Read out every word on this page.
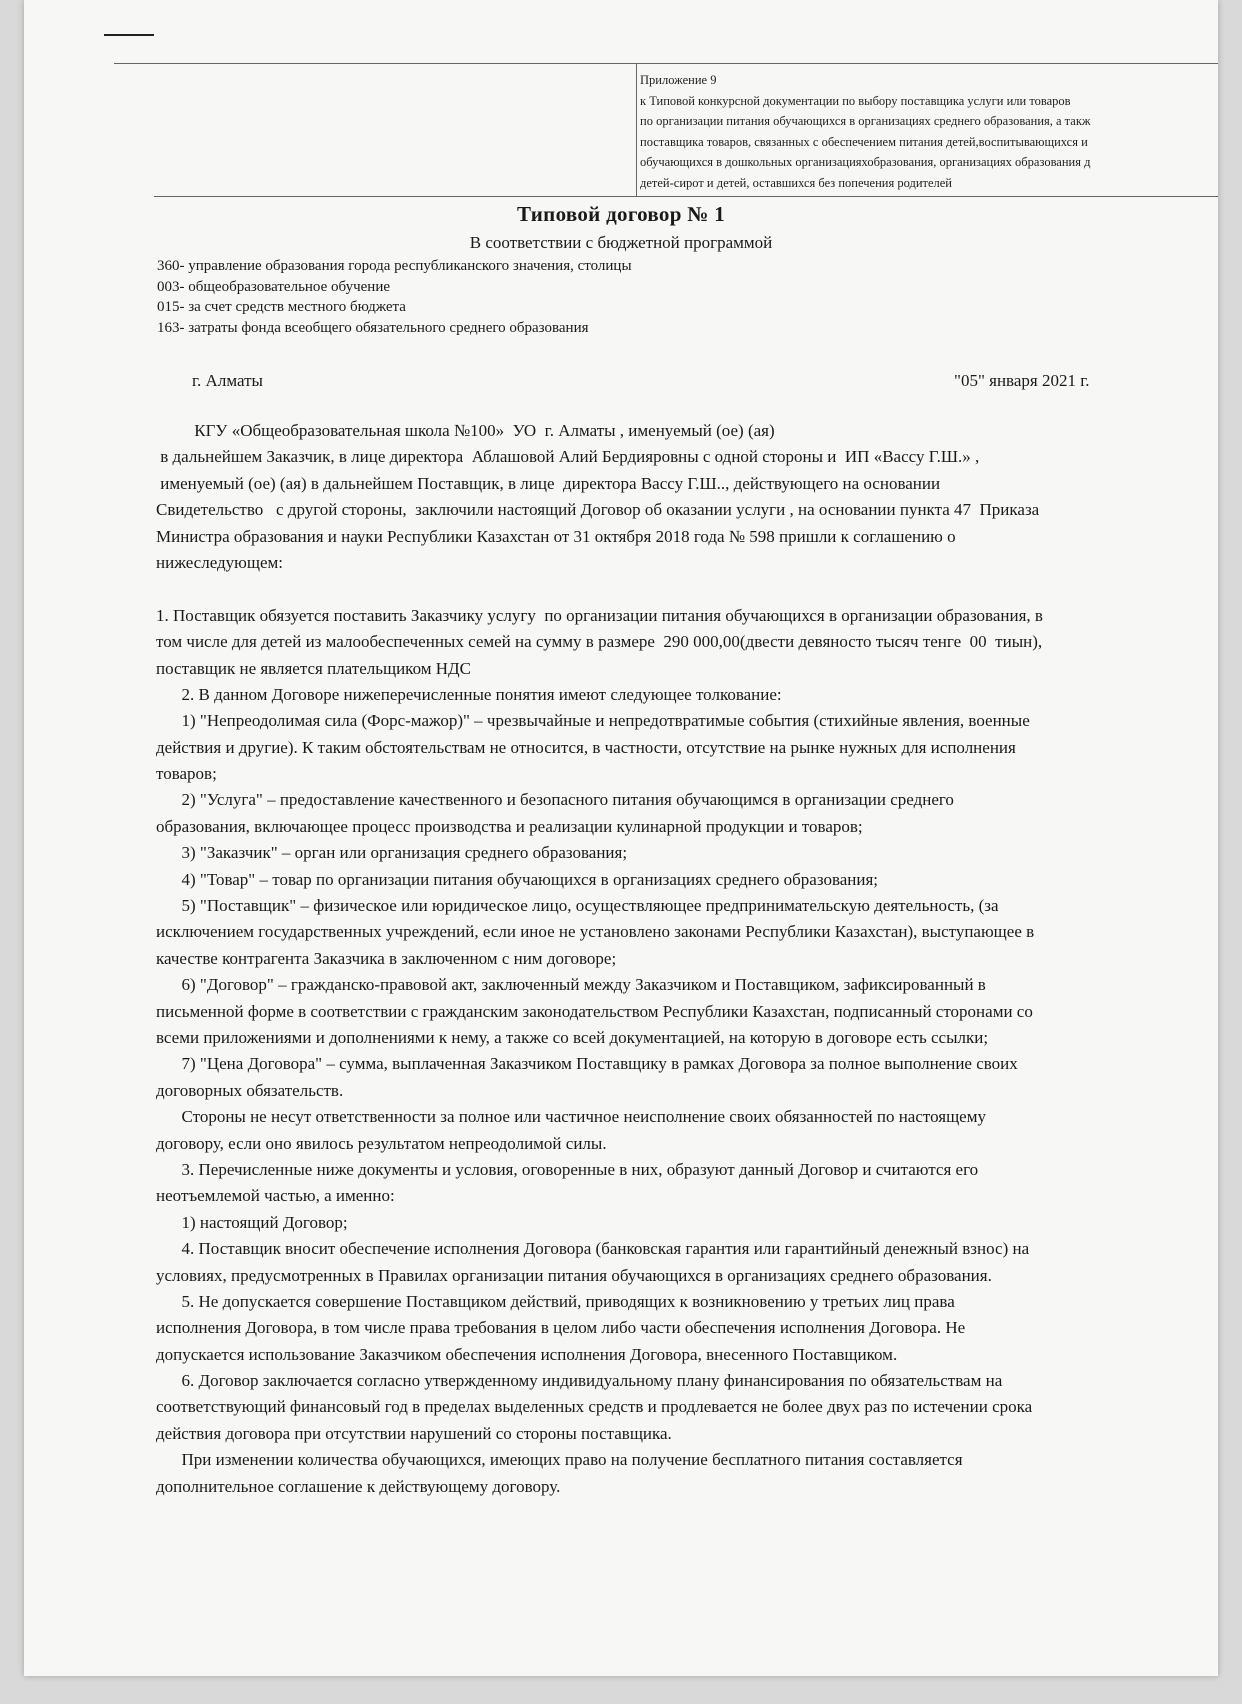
Приложение 9
к Типовой конкурсной документации по выбору поставщика услуги или товаров
по организации питания обучающихся в организациях среднего образования, а такж
поставщика товаров, связанных с обеспечением питания детей,воспитывающихся и
обучающихся в дошкольных организацияхобразования, организациях образования д
детей-сирот и детей, оставшихся без попечения родителей
Типовой договор № 1
В соответствии с бюджетной программой
360- управление образования города республиканского значения, столицы
003- общеобразовательное обучение
015- за счет средств местного бюджета
163- затраты фонда всеобщего обязательного среднего образования
г. Алматы	"05" января 2021 г.
КГУ «Общеобразовательная школа №100»  УО  г. Алматы , именуемый (ое) (ая)
в дальнейшем Заказчик, в лице директора  Аблашовой Алий Бердияровны с одной стороны и  ИП «Вассу Г.Ш.» ,
именуемый (ое) (ая) в дальнейшем Поставщик, в лице  директора Вассу Г.Ш.., действующего на основании
Свидетельство   с другой стороны,  заключили настоящий Договор об оказании услуги , на основании пункта 47  Приказа
Министра образования и науки Республики Казахстан от 31 октября 2018 года № 598 пришли к соглашению о
нижеследующем:
1. Поставщик обязуется поставить Заказчику услугу  по организации питания обучающихся в организации образования, в
том числе для детей из малообеспеченных семей на сумму в размере  290 000,00(двести девяносто тысяч тенге  00  тиын),
поставщик не является плательщиком НДС
2. В данном Договоре нижеперечисленные понятия имеют следующее толкование:
1) "Непреодолимая сила (Форс-мажор)" – чрезвычайные и непредотвратимые события (стихийные явления, военные
действия и другие). К таким обстоятельствам не относится, в частности, отсутствие на рынке нужных для исполнения
товаров;
2) "Услуга" – предоставление качественного и безопасного питания обучающимся в организации среднего
образования, включающее процесс производства и реализации кулинарной продукции и товаров;
3) "Заказчик" – орган или организация среднего образования;
4) "Товар" – товар по организации питания обучающихся в организациях среднего образования;
5) "Поставщик" – физическое или юридическое лицо, осуществляющее предпринимательскую деятельность, (за
исключением государственных учреждений, если иное не установлено законами Республики Казахстан), выступающее в
качестве контрагента Заказчика в заключенном с ним договоре;
6) "Договор" – гражданско-правовой акт, заключенный между Заказчиком и Поставщиком, зафиксированный в
письменной форме в соответствии с гражданским законодательством Республики Казахстан, подписанный сторонами со
всеми приложениями и дополнениями к нему, а также со всей документацией, на которую в договоре есть ссылки;
7) "Цена Договора" – сумма, выплаченная Заказчиком Поставщику в рамках Договора за полное выполнение своих
договорных обязательств.
Стороны не несут ответственности за полное или частичное неисполнение своих обязанностей по настоящему
договору, если оно явилось результатом непреодолимой силы.
3. Перечисленные ниже документы и условия, оговоренные в них, образуют данный Договор и считаются его
неотъемлемой частью, а именно:
1) настоящий Договор;
4. Поставщик вносит обеспечение исполнения Договора (банковская гарантия или гарантийный денежный взнос) на
условиях, предусмотренных в Правилах организации питания обучающихся в организациях среднего образования.
5. Не допускается совершение Поставщиком действий, приводящих к возникновению у третьих лиц права
исполнения Договора, в том числе права требования в целом либо части обеспечения исполнения Договора. Не
допускается использование Заказчиком обеспечения исполнения Договора, внесенного Поставщиком.
6. Договор заключается согласно утвержденному индивидуальному плану финансирования по обязательствам на
соответствующий финансовый год в пределах выделенных средств и продлевается не более двух раз по истечении срока
действия договора при отсутствии нарушений со стороны поставщика.
При изменении количества обучающихся, имеющих право на получение бесплатного питания составляется
дополнительное соглашение к действующему договору.
